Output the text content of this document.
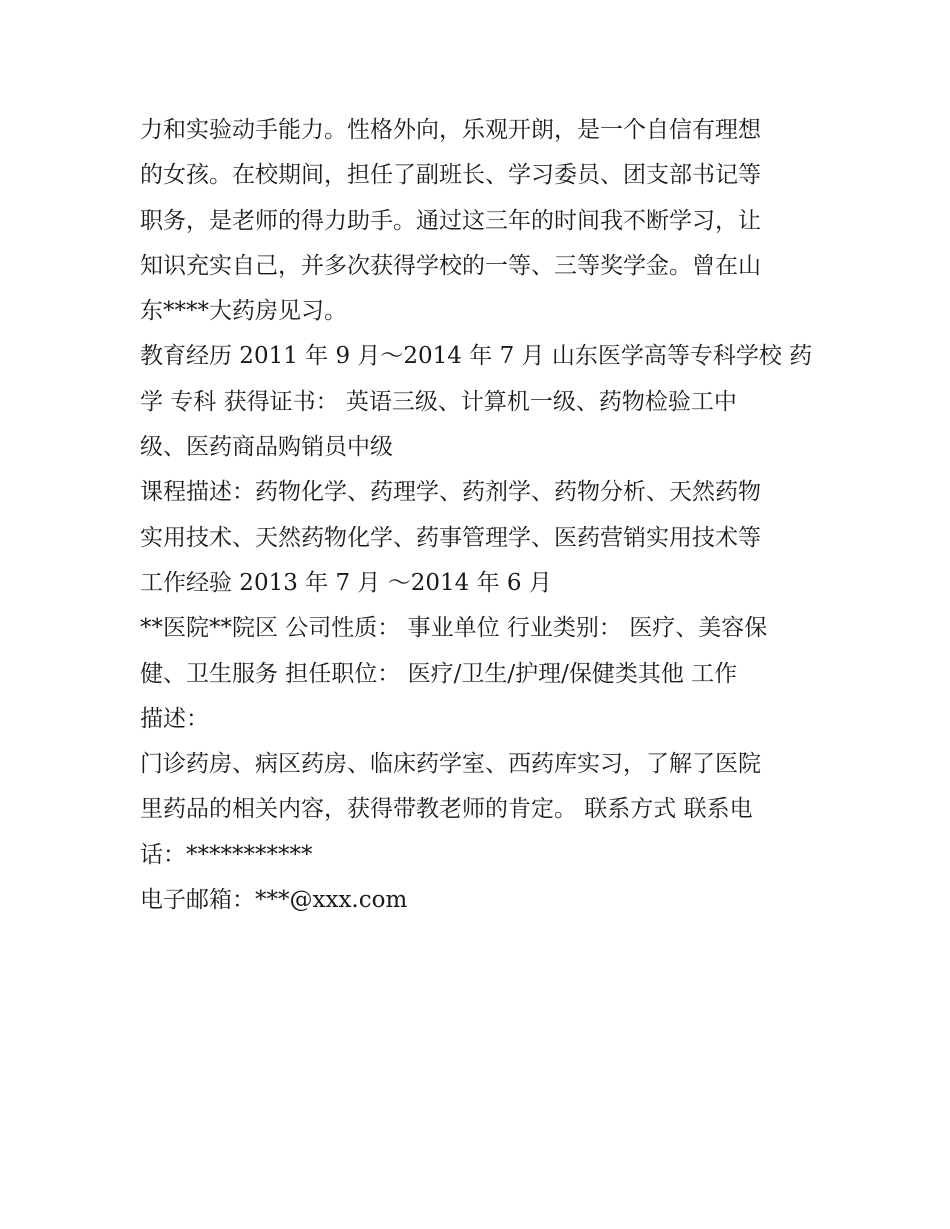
力和实验动手能力。性格外向，乐观开朗，是一个自信有理想
的女孩。在校期间，担任了副班长、学习委员、团支部书记等
职务，是老师的得力助手。通过这三年的时间我不断学习，让
知识充实自己，并多次获得学校的一等、三等奖学金。曾在山
东****大药房见习。
教育经历 2011 年 9 月～2014 年 7 月 山东医学高等专科学校 药
学 专科 获得证书： 英语三级、计算机一级、药物检验工中
级、医药商品购销员中级
课程描述：药物化学、药理学、药剂学、药物分析、天然药物
实用技术、天然药物化学、药事管理学、医药营销实用技术等
工作经验 2013 年 7 月 ～2014 年 6 月
**医院**院区 公司性质： 事业单位 行业类别： 医疗、美容保
健、卫生服务 担任职位： 医疗/卫生/护理/保健类其他 工作
描述：
门诊药房、病区药房、临床药学室、西药库实习，了解了医院
里药品的相关内容，获得带教老师的肯定。 联系方式 联系电
话：***********
电子邮箱：***@xxx.com
